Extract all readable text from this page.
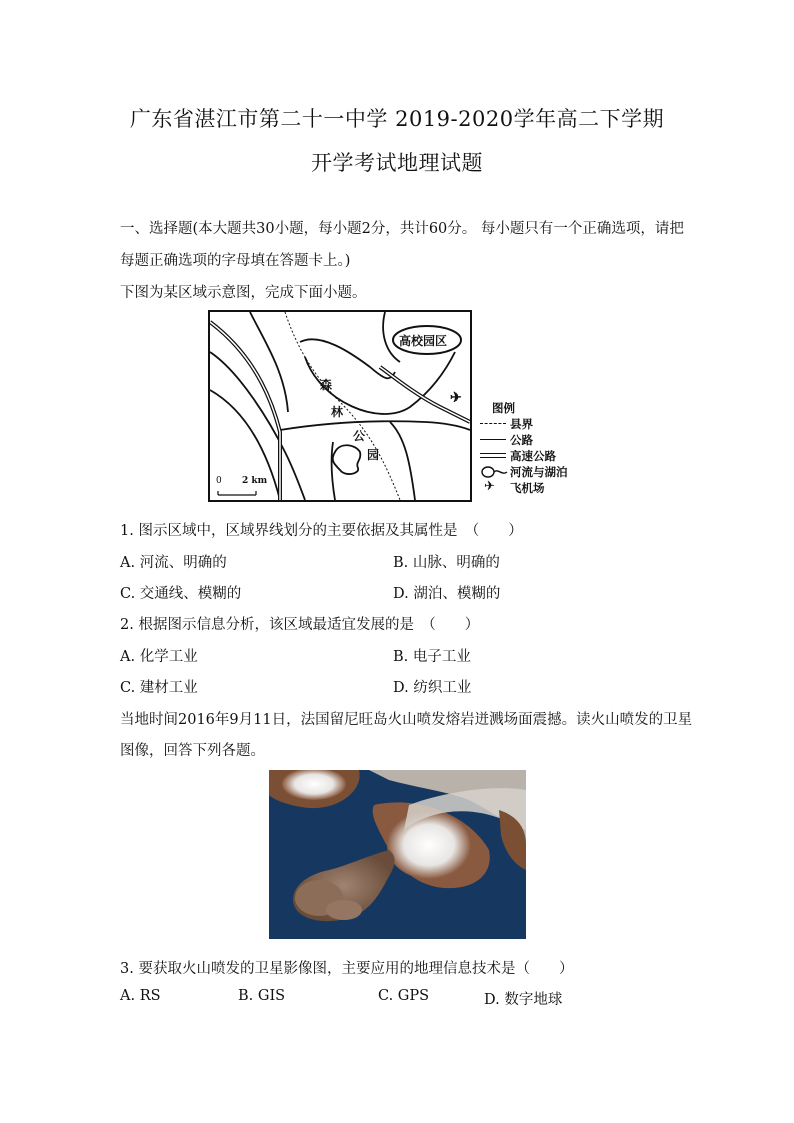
广东省湛江市第二十一中学 2019-2020学年高二下学期
开学考试地理试题
一、选择题(本大题共30小题，每小题2分，共计60分。 每小题只有一个正确选项，请把
每题正确选项的字母填在答题卡上。)
下图为某区域示意图，完成下面小题。
高校园区
森
林
公
园
✈
0 2 km
图例
县界
公路
高速公路
河流与湖泊
✈ 飞机场
1. 图示区域中，区域界线划分的主要依据及其属性是　（　　）
A. 河流、明确的	B. 山脉、明确的
C. 交通线、模糊的	D. 湖泊、模糊的
2. 根据图示信息分析，该区域最适宜发展的是　（　　）
A. 化学工业	B. 电子工业
C. 建材工业	D. 纺织工业
当地时间2016年9月11日，法国留尼旺岛火山喷发熔岩迸溅场面震撼。读火山喷发的卫星
图像，回答下列各题。
3. 要获取火山喷发的卫星影像图，主要应用的地理信息技术是（　　）
A. RS	B. GIS	C. GPS	D. 数字地球
